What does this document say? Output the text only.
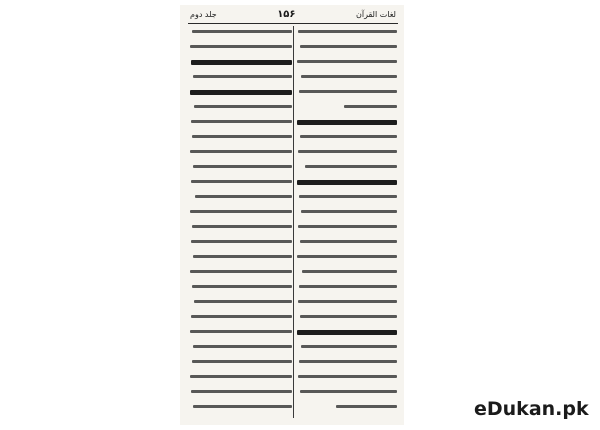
لغات القرآن
۱۵۶
جلد دوم
eDukan.pk
